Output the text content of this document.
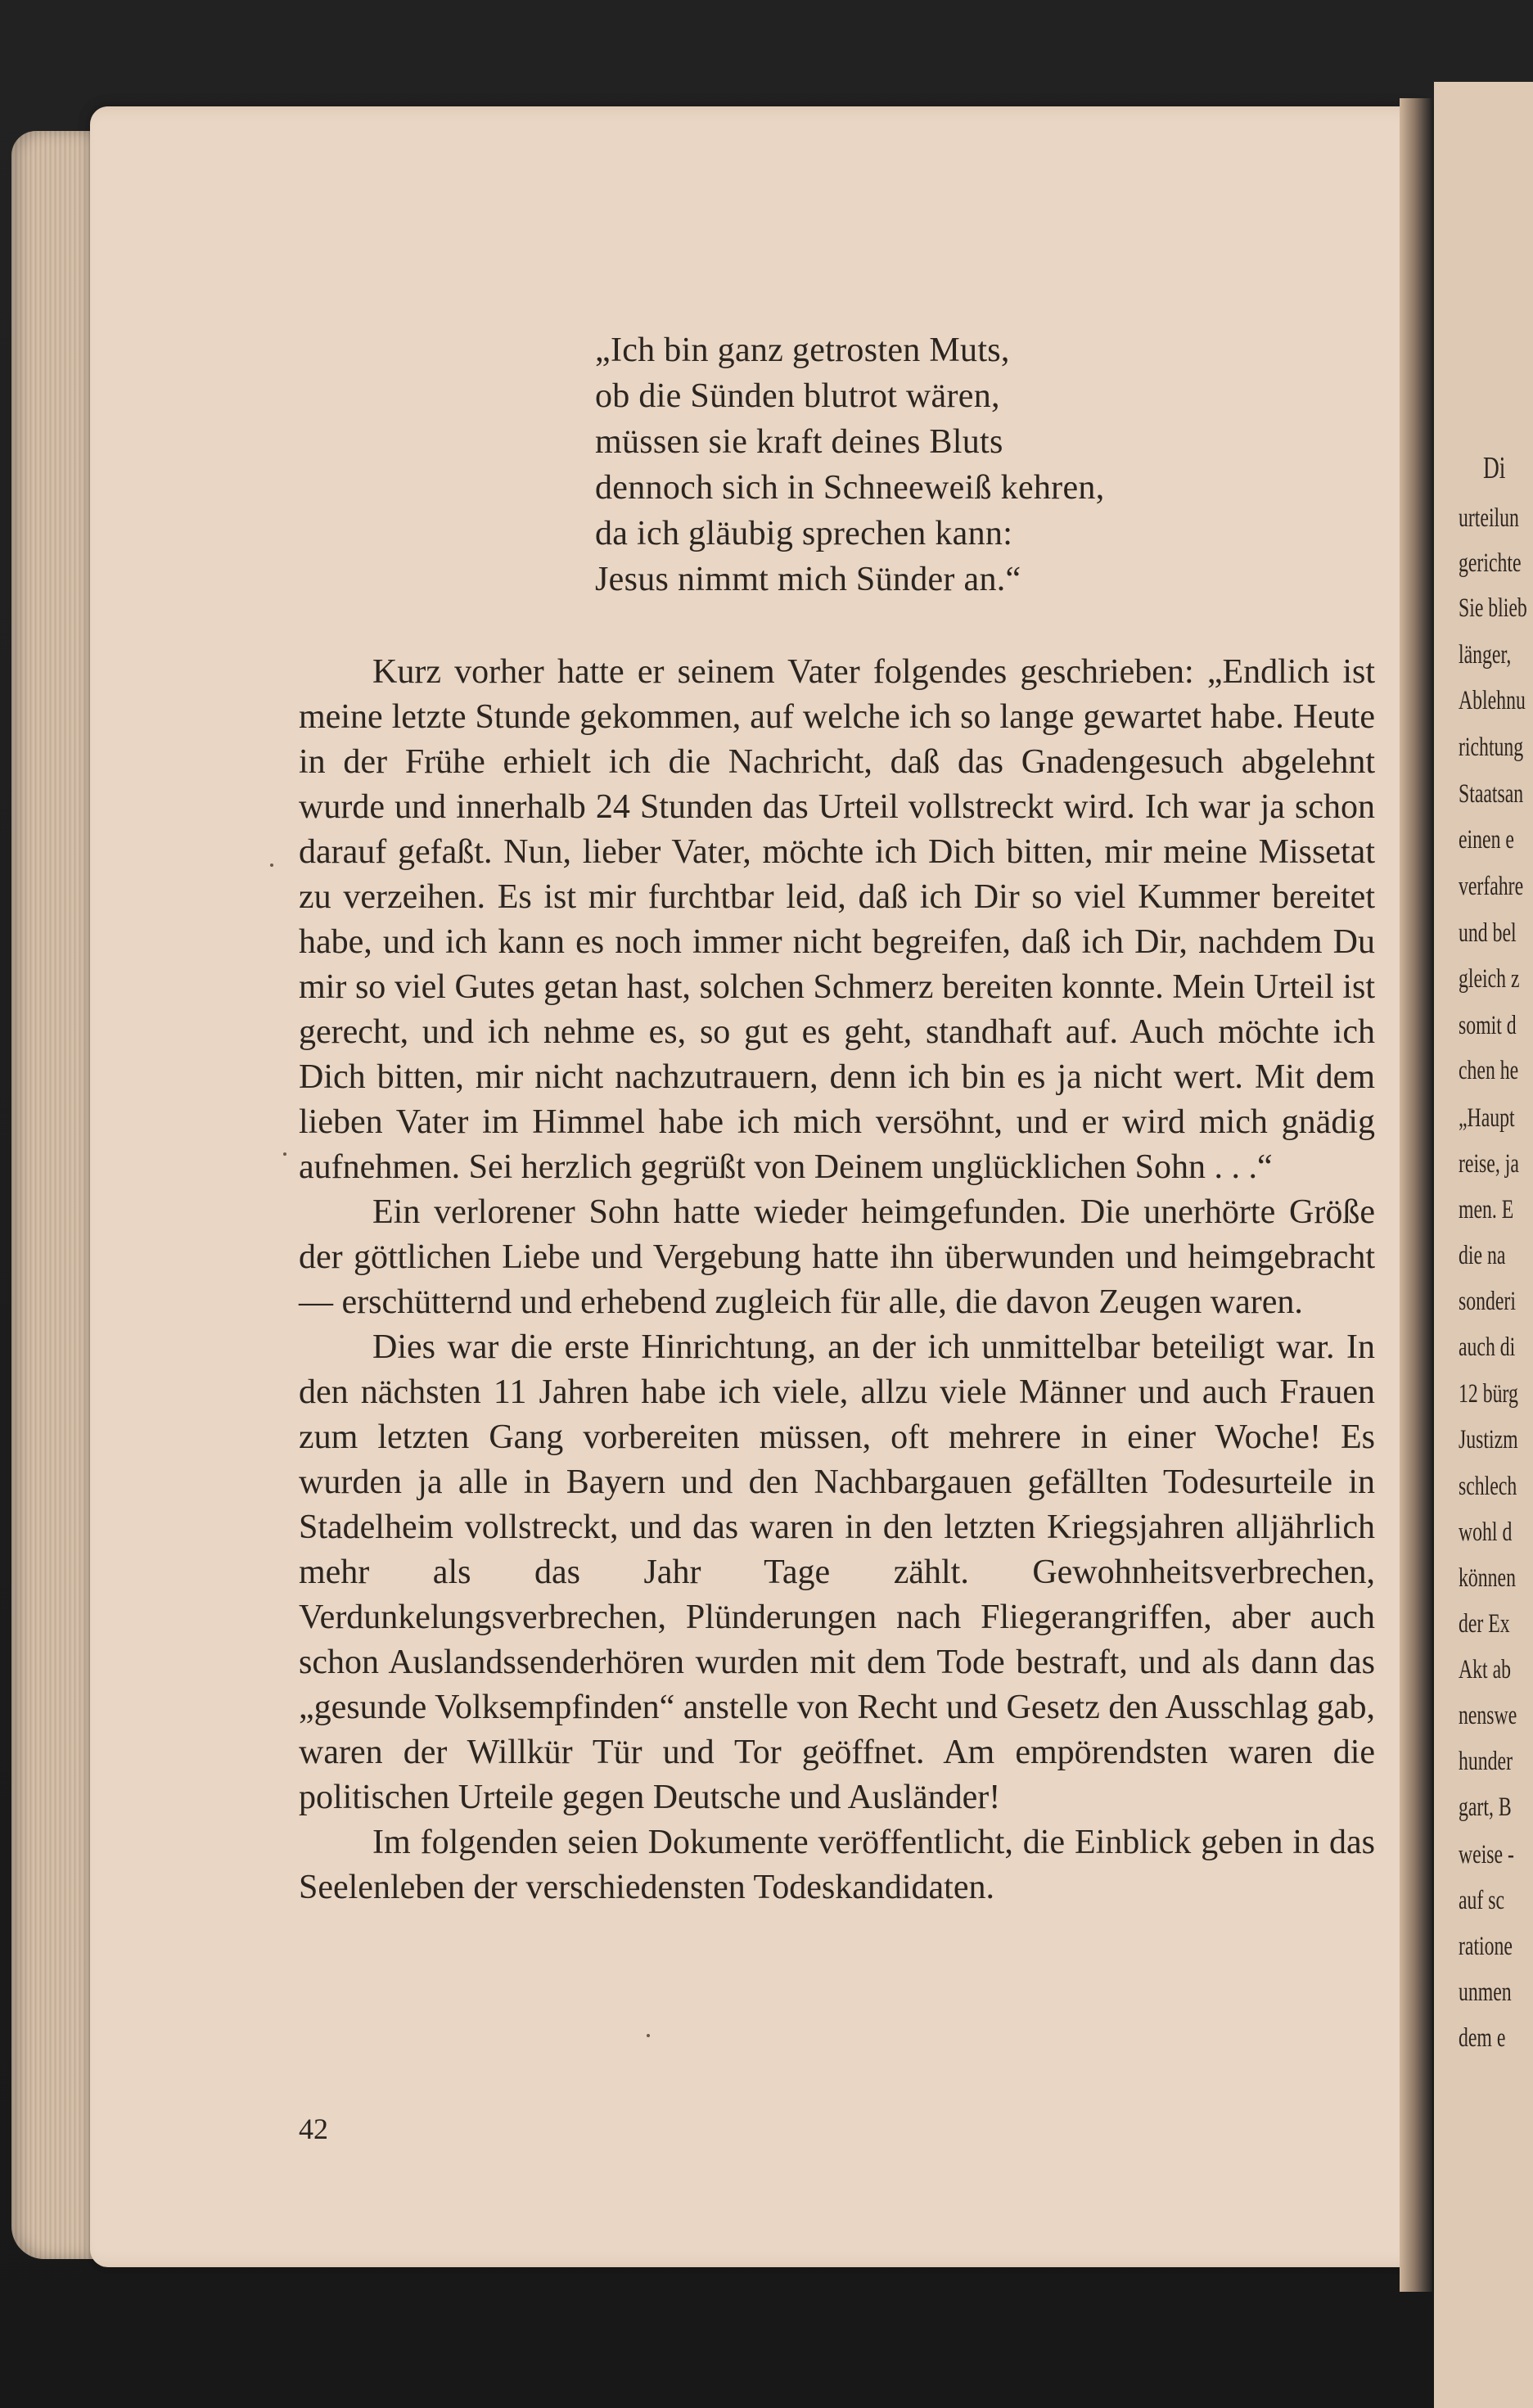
Di
urteilun
gerichte
Sie blieb
länger,
Ablehnu
richtung
Staatsan
einen e
verfahre
und bel
gleich z
somit d
chen he
„Haupt
reise, ja
men. E
die na
sonderi
auch di
12 bürg
Justizm
schlech
wohl d
können
der Ex
Akt ab
nenswe
hunder
gart, B
weise -
auf sc
ratione
unmen
dem e
„Ich bin ganz getrosten Muts,
ob die Sünden blutrot wären,
müssen sie kraft deines Bluts
dennoch sich in Schneeweiß kehren,
da ich gläubig sprechen kann:
Jesus nimmt mich Sünder an.“

Kurz vorher hatte er seinem Vater folgendes geschrieben: „Endlich ist meine letzte Stunde gekommen, auf welche ich so lange gewartet habe. Heute in der Frühe erhielt ich die Nachricht, daß das Gnadengesuch abgelehnt wurde und innerhalb 24 Stunden das Urteil vollstreckt wird. Ich war ja schon darauf gefaßt. Nun, lieber Vater, möchte ich Dich bitten, mir meine Missetat zu verzeihen. Es ist mir furchtbar leid, daß ich Dir so viel Kummer bereitet habe, und ich kann es noch immer nicht begreifen, daß ich Dir, nachdem Du mir so viel Gutes getan hast, solchen Schmerz bereiten konnte. Mein Urteil ist gerecht, und ich nehme es, so gut es geht, standhaft auf. Auch möchte ich Dich bitten, mir nicht nachzutrauern, denn ich bin es ja nicht wert. Mit dem lieben Vater im Himmel habe ich mich versöhnt, und er wird mich gnädig aufnehmen. Sei herzlich gegrüßt von Deinem unglücklichen Sohn . . .“

Ein verlorener Sohn hatte wieder heimgefunden. Die unerhörte Größe der göttlichen Liebe und Vergebung hatte ihn überwunden und heimgebracht — erschütternd und erhebend zugleich für alle, die davon Zeugen waren.

Dies war die erste Hinrichtung, an der ich unmittelbar beteiligt war. In den nächsten 11 Jahren habe ich viele, allzu viele Männer und auch Frauen zum letzten Gang vorbereiten müssen, oft mehrere in einer Woche! Es wurden ja alle in Bayern und den Nachbargauen gefällten Todesurteile in Stadelheim vollstreckt, und das waren in den letzten Kriegsjahren alljährlich mehr als das Jahr Tage zählt. Gewohnheitsverbrechen, Verdunkelungsverbrechen, Plünderungen nach Fliegerangriffen, aber auch schon Auslandssenderhören wurden mit dem Tode bestraft, und als dann das „gesunde Volksempfinden“ anstelle von Recht und Gesetz den Ausschlag gab, waren der Willkür Tür und Tor geöffnet. Am empörendsten waren die politischen Urteile gegen Deutsche und Ausländer!

Im folgenden seien Dokumente veröffentlicht, die Einblick geben in das Seelenleben der verschiedensten Todeskandidaten.

42
